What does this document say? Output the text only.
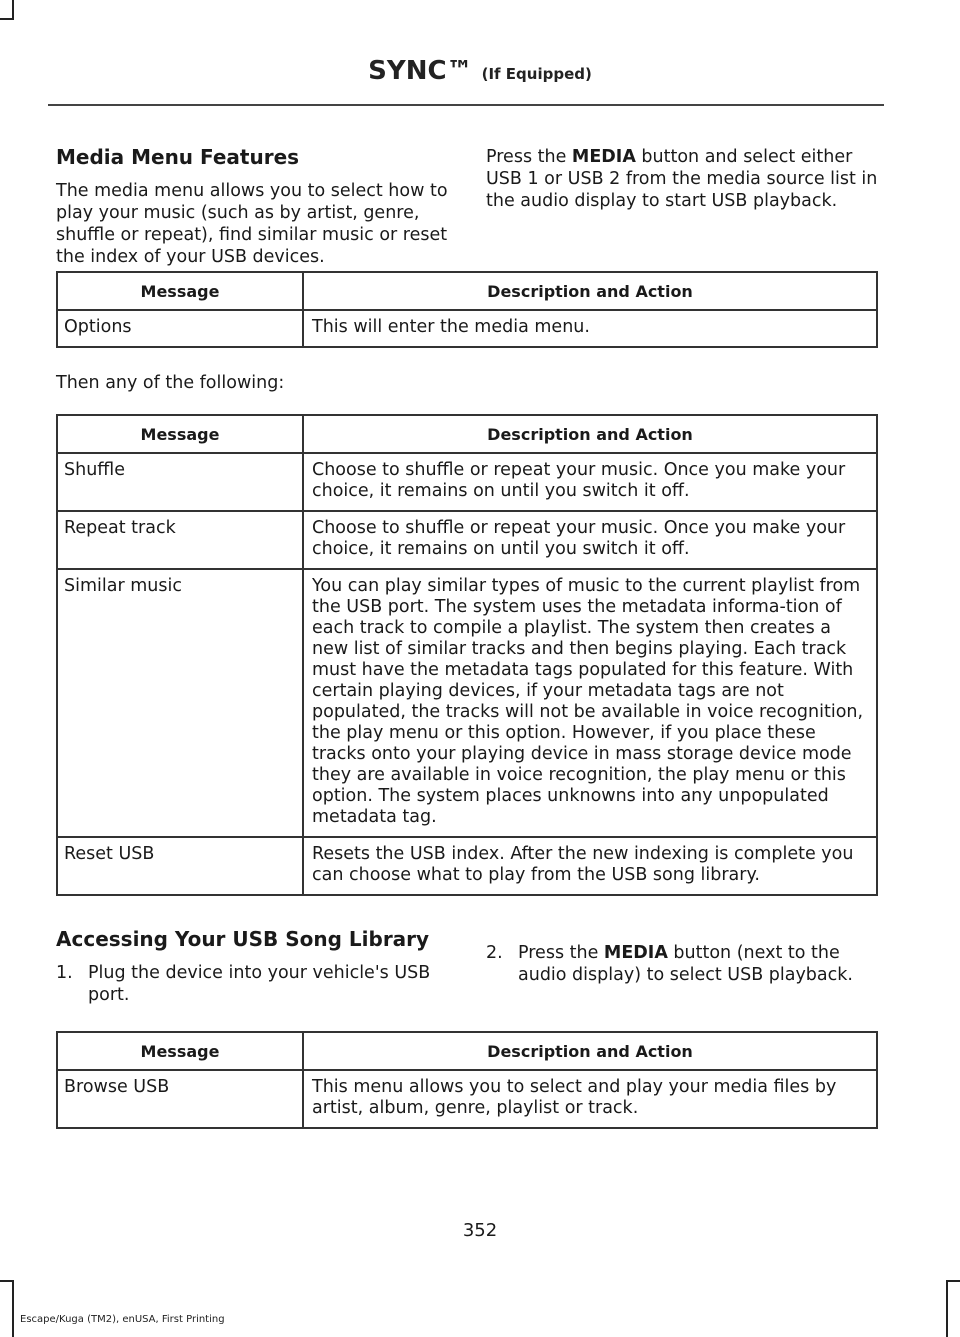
SYNC™ (If Equipped)
Media Menu Features

The media menu allows you to select how to play your music (such as by artist, genre, shuffle or repeat), find similar music or reset the index of your USB devices.

Press the MEDIA button and select either USB 1 or USB 2 from the media source list in the audio display to start USB playback.

Message	Description and Action
Options	This will enter the media menu.
Then any of the following:
Message	Description and Action
Shuffle	Choose to shuffle or repeat your music. Once you make your choice, it remains on until you switch it off.
Repeat track	Choose to shuffle or repeat your music. Once you make your choice, it remains on until you switch it off.
Similar music	You can play similar types of music to the current playlist from the USB port. The system uses the metadata informa-tion of each track to compile a playlist. The system then creates a new list of similar tracks and then begins playing. Each track must have the metadata tags populated for this feature. With certain playing devices, if your metadata tags are not populated, the tracks will not be available in voice recognition, the play menu or this option. However, if you place these tracks onto your playing device in mass storage device mode they are available in voice recognition, the play menu or this option. The system places unknowns into any unpopulated metadata tag.
Reset USB	Resets the USB index. After the new indexing is complete you can choose what to play from the USB song library.
Accessing Your USB Song Library
1. Plug the device into your vehicle's USB port.
2. Press the MEDIA button (next to the audio display) to select USB playback.
Message	Description and Action
Browse USB	This menu allows you to select and play your media files by artist, album, genre, playlist or track.
352
Escape/Kuga (TM2), enUSA, First Printing
